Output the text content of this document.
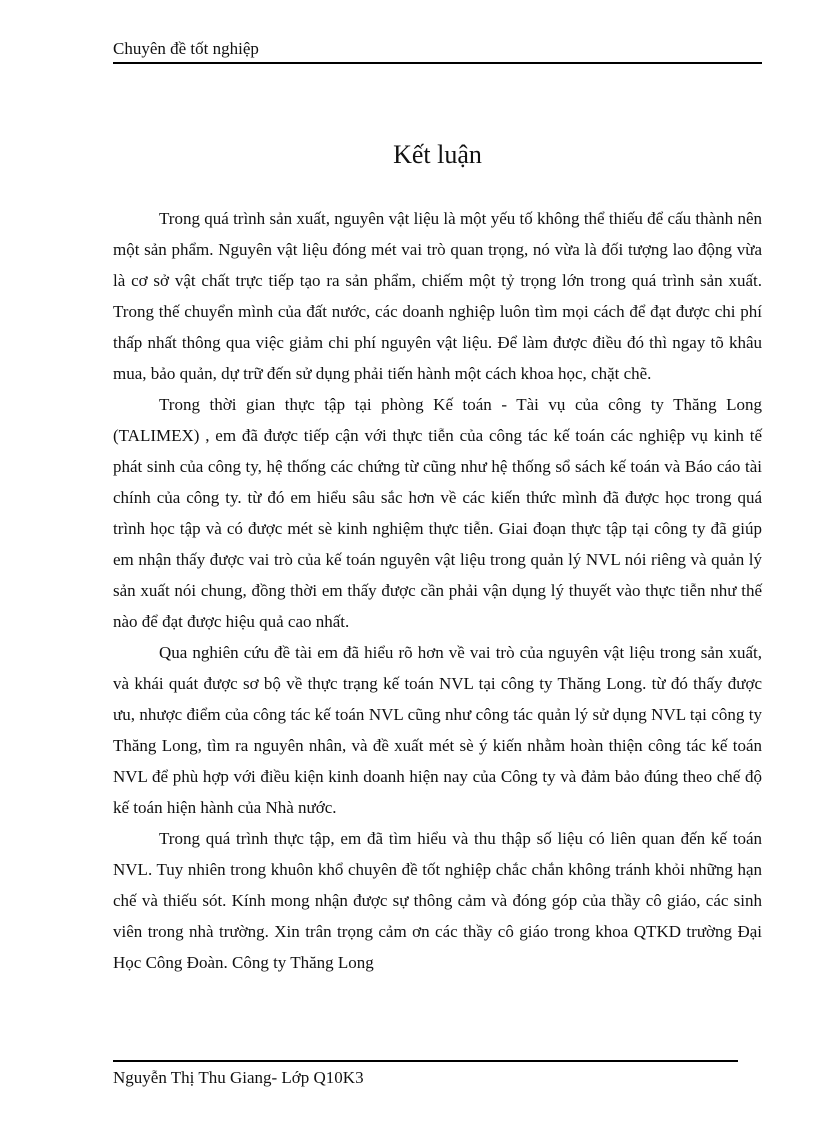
Chuyên đề tốt nghiệp
Kết luận

Trong quá trình sản xuất, nguyên vật liệu là một yếu tố không thể thiếu để cấu thành nên một sản phẩm. Nguyên vật liệu đóng mét vai trò quan trọng, nó vừa là đối tượng lao động vừa là cơ sở vật chất trực tiếp tạo ra sản phẩm, chiếm một tỷ trọng lớn trong quá trình sản xuất. Trong thế chuyển mình của đất nước, các doanh nghiệp luôn tìm mọi cách để đạt được chi phí thấp nhất thông qua việc giảm chi phí nguyên vật liệu. Để làm được điều đó thì ngay tõ khâu mua, bảo quản, dự trữ đến sử dụng phải tiến hành một cách khoa học, chặt chẽ.

Trong thời gian thực tập tại phòng Kế toán - Tài vụ của công ty Thăng Long (TALIMEX) , em đã được tiếp cận với thực tiễn của công tác kế toán các nghiệp vụ kinh tế phát sinh của công ty, hệ thống các chứng từ cũng như hệ thống sổ sách kế toán và Báo cáo tài chính của công ty. từ đó em hiểu sâu sắc hơn về các kiến thức mình đã được học trong quá trình học tập và có được mét sè kinh nghiệm thực tiễn. Giai đoạn thực tập tại công ty đã giúp em nhận thấy được vai trò của kế toán nguyên vật liệu trong quản lý NVL nói riêng và quản lý sản xuất nói chung, đồng thời em thấy được cần phải vận dụng lý thuyết vào thực tiễn như thế nào để đạt được hiệu quả cao nhất.

Qua nghiên cứu đề tài em đã hiểu rõ hơn về vai trò của nguyên vật liệu trong sản xuất, và khái quát được sơ bộ về thực trạng kế toán NVL tại công ty Thăng Long. từ đó thấy được ưu, nhược điểm của công tác kế toán NVL cũng như công tác quản lý sử dụng NVL tại công ty Thăng Long, tìm ra nguyên nhân, và đề xuất mét sè ý kiến nhằm hoàn thiện công tác kế toán NVL để phù hợp với điều kiện kinh doanh hiện nay của Công ty và đảm bảo đúng theo chế độ kế toán hiện hành của Nhà nước.

Trong quá trình thực tập, em đã tìm hiểu và thu thập số liệu có liên quan đến kế toán NVL. Tuy nhiên trong khuôn khổ chuyên đề tốt nghiệp chắc chắn không tránh khỏi những hạn chế và thiếu sót. Kính mong nhận được sự thông cảm và đóng góp của thầy cô giáo, các sinh viên trong nhà trường. Xin trân trọng cảm ơn các thầy cô giáo trong khoa QTKD trường Đại Học Công Đoàn. Công ty Thăng Long

Nguyễn Thị Thu Giang- Lớp Q10K3
